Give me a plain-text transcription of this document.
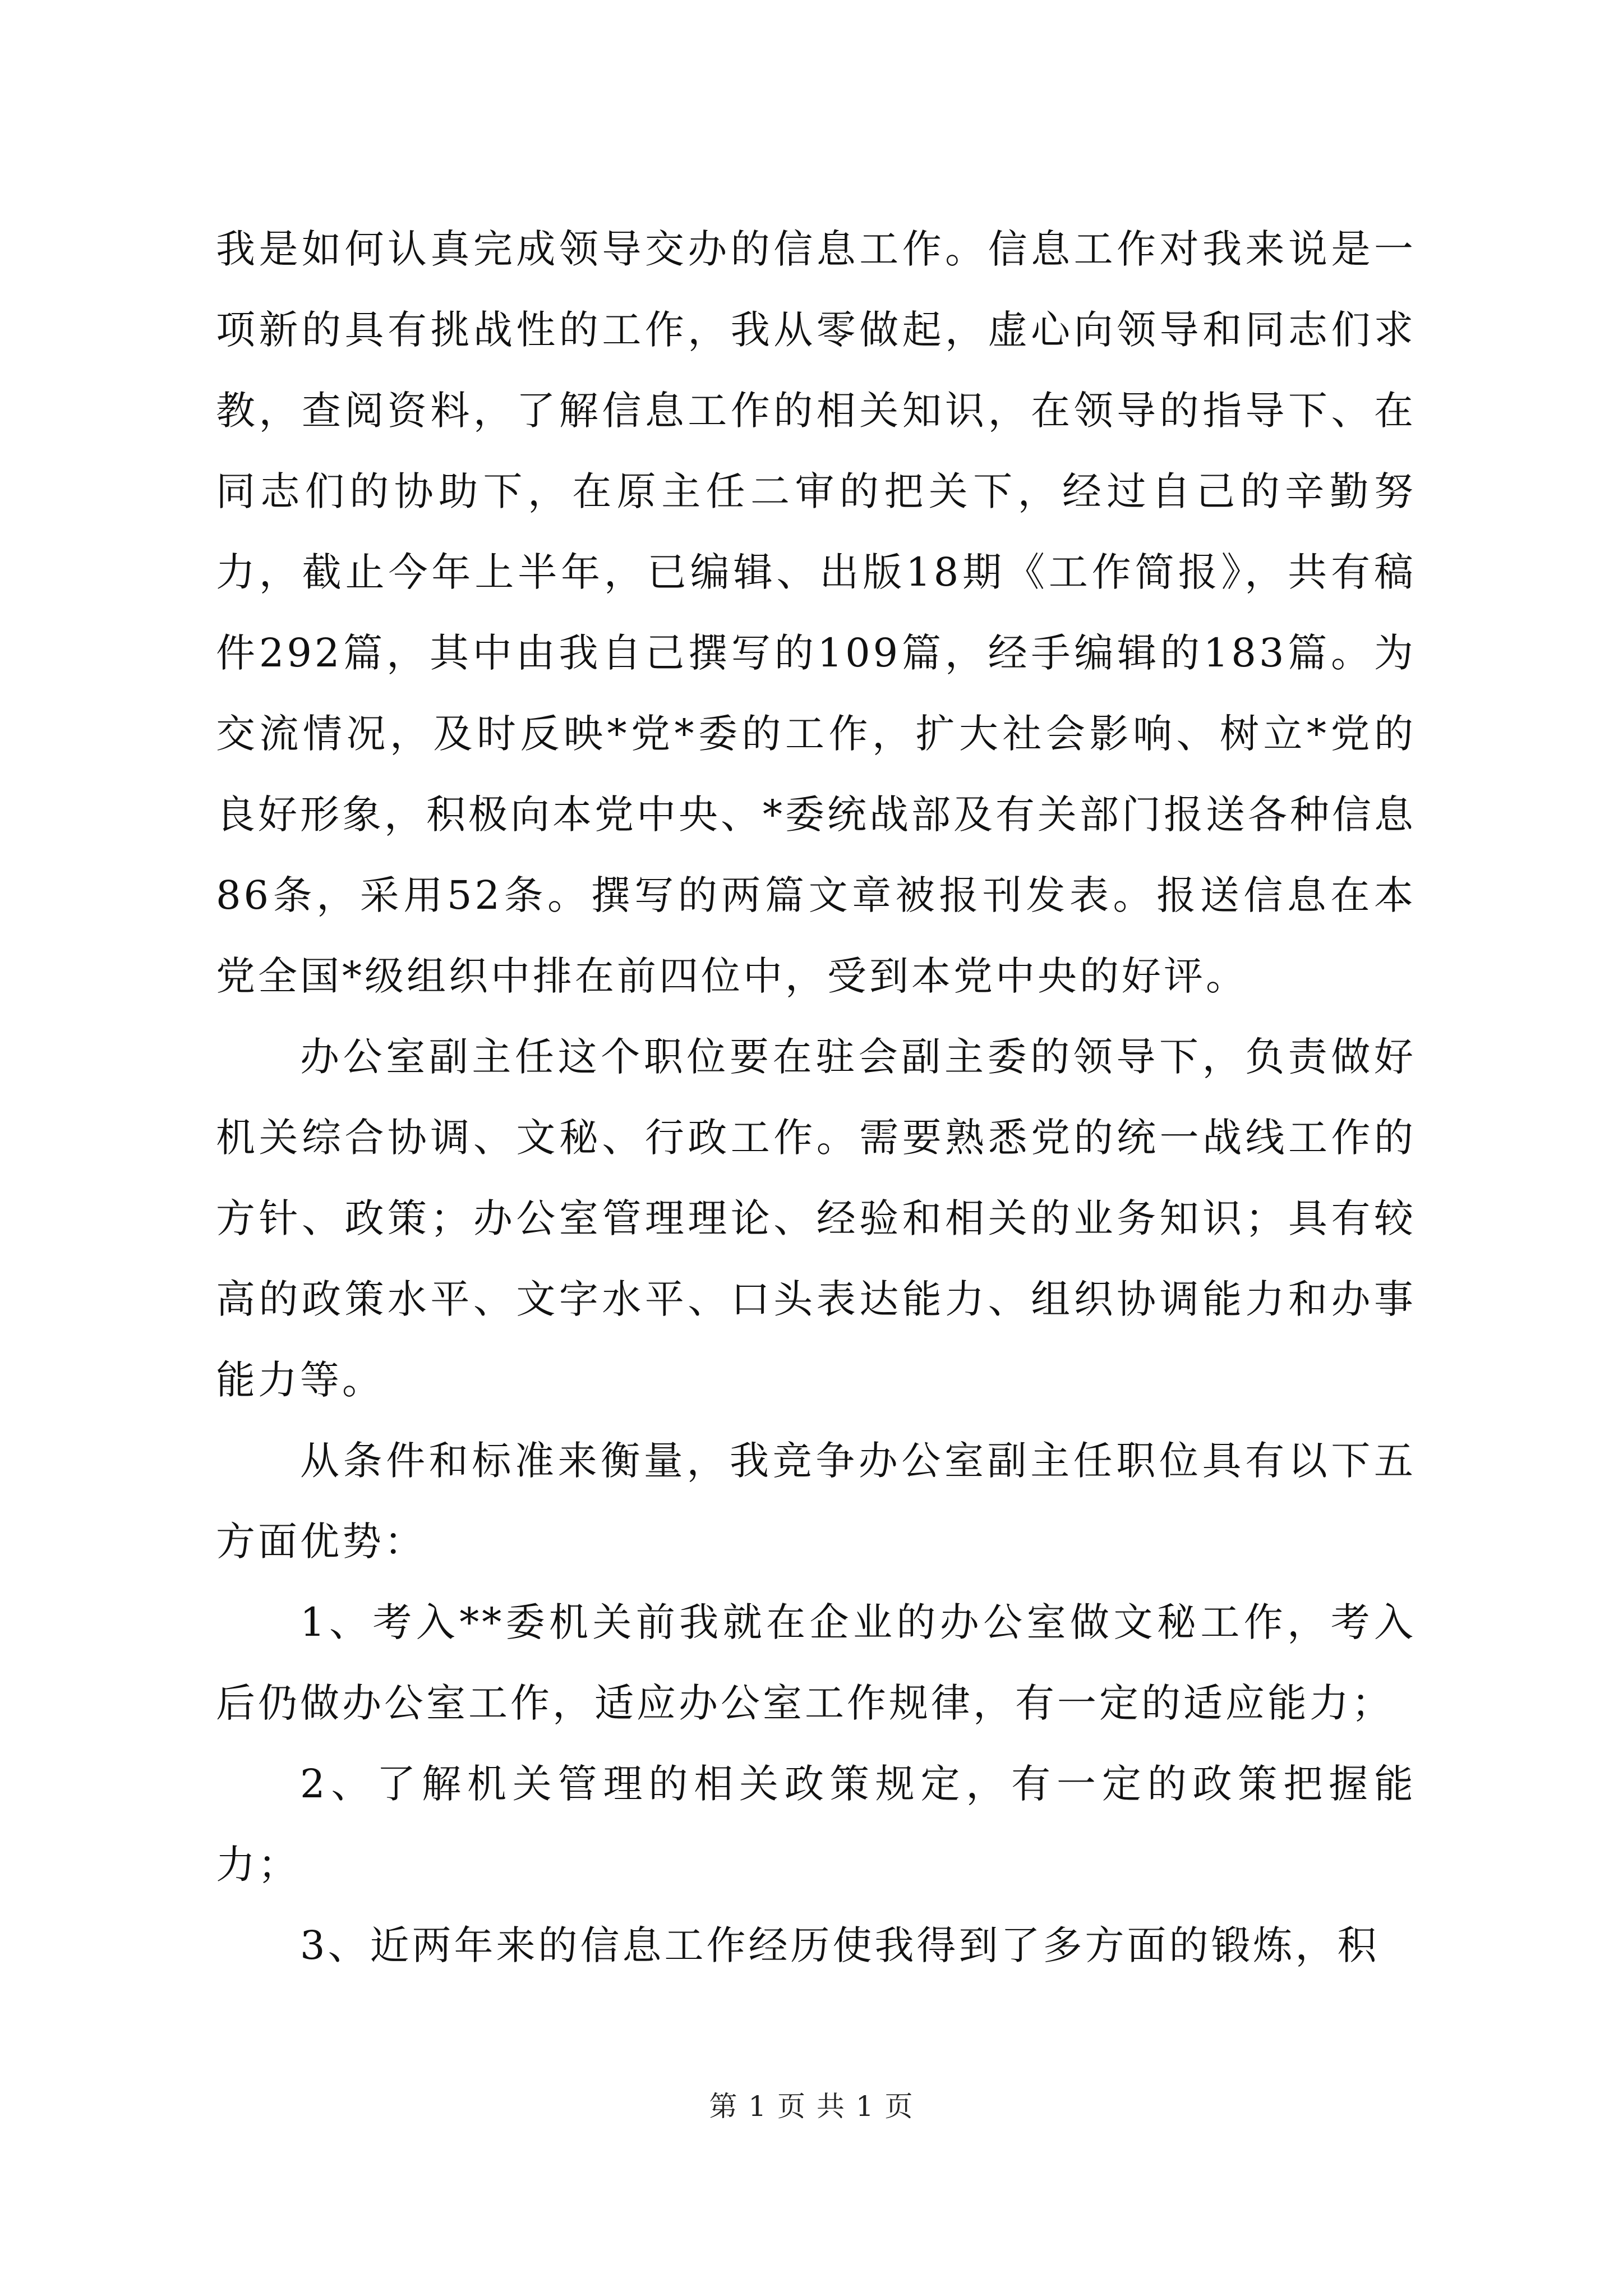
我是如何认真完成领导交办的信息工作。信息工作对我来说是一项新的具有挑战性的工作，我从零做起，虚心向领导和同志们求教，查阅资料，了解信息工作的相关知识，在领导的指导下、在同志们的协助下，在原主任二审的把关下，经过自己的辛勤努力，截止今年上半年，已编辑、出版18期《工作简报》，共有稿件292篇，其中由我自己撰写的109篇，经手编辑的183篇。为交流情况，及时反映*党*委的工作，扩大社会影响、树立*党的良好形象，积极向本党中央、*委统战部及有关部门报送各种信息86条，采用52条。撰写的两篇文章被报刊发表。报送信息在本党全国*级组织中排在前四位中，受到本党中央的好评。

办公室副主任这个职位要在驻会副主委的领导下，负责做好机关综合协调、文秘、行政工作。需要熟悉党的统一战线工作的方针、政策；办公室管理理论、经验和相关的业务知识；具有较高的政策水平、文字水平、口头表达能力、组织协调能力和办事能力等。

从条件和标准来衡量，我竞争办公室副主任职位具有以下五方面优势：

1、考入**委机关前我就在企业的办公室做文秘工作，考入后仍做办公室工作，适应办公室工作规律，有一定的适应能力；

2、了解机关管理的相关政策规定，有一定的政策把握能力；

3、近两年来的信息工作经历使我得到了多方面的锻炼，积

第 1 页 共 1 页
